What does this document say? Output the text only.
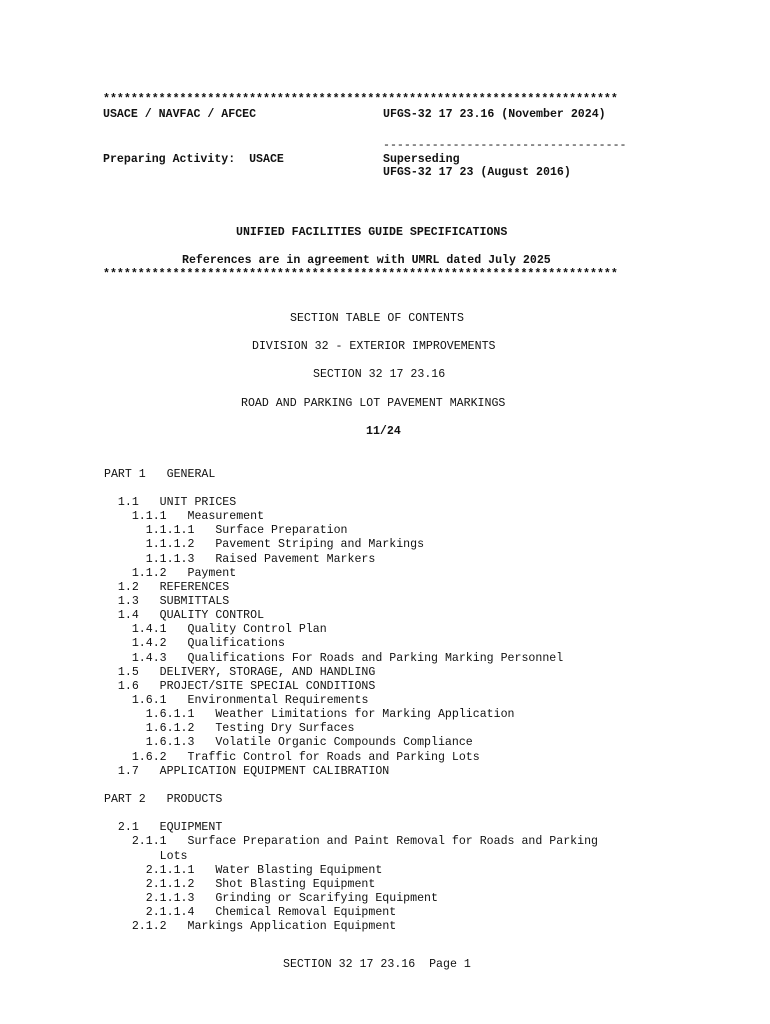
**************************************************************************
USACE / NAVFAC / AFCEC	UFGS-32 17 23.16 (November 2024)
-----------------------------------
Preparing Activity:  USACE	Superseding
UFGS-32 17 23 (August 2016)
UNIFIED FACILITIES GUIDE SPECIFICATIONS
References are in agreement with UMRL dated July 2025
**************************************************************************
SECTION TABLE OF CONTENTS
DIVISION 32 - EXTERIOR IMPROVEMENTS
SECTION 32 17 23.16
ROAD AND PARKING LOT PAVEMENT MARKINGS
11/24
PART 1 GENERAL
1.1 UNIT PRICES
1.1.1 Measurement
1.1.1.1 Surface Preparation
1.1.1.2 Pavement Striping and Markings
1.1.1.3 Raised Pavement Markers
1.1.2 Payment
1.2 REFERENCES
1.3 SUBMITTALS
1.4 QUALITY CONTROL
1.4.1 Quality Control Plan
1.4.2 Qualifications
1.4.3 Qualifications For Roads and Parking Marking Personnel
1.5 DELIVERY, STORAGE, AND HANDLING
1.6 PROJECT/SITE SPECIAL CONDITIONS
1.6.1 Environmental Requirements
1.6.1.1 Weather Limitations for Marking Application
1.6.1.2 Testing Dry Surfaces
1.6.1.3 Volatile Organic Compounds Compliance
1.6.2 Traffic Control for Roads and Parking Lots
1.7 APPLICATION EQUIPMENT CALIBRATION
PART 2 PRODUCTS
2.1 EQUIPMENT
2.1.1 Surface Preparation and Paint Removal for Roads and Parking
Lots
2.1.1.1 Water Blasting Equipment
2.1.1.2 Shot Blasting Equipment
2.1.1.3 Grinding or Scarifying Equipment
2.1.1.4 Chemical Removal Equipment
2.1.2 Markings Application Equipment
SECTION 32 17 23.16  Page 1
